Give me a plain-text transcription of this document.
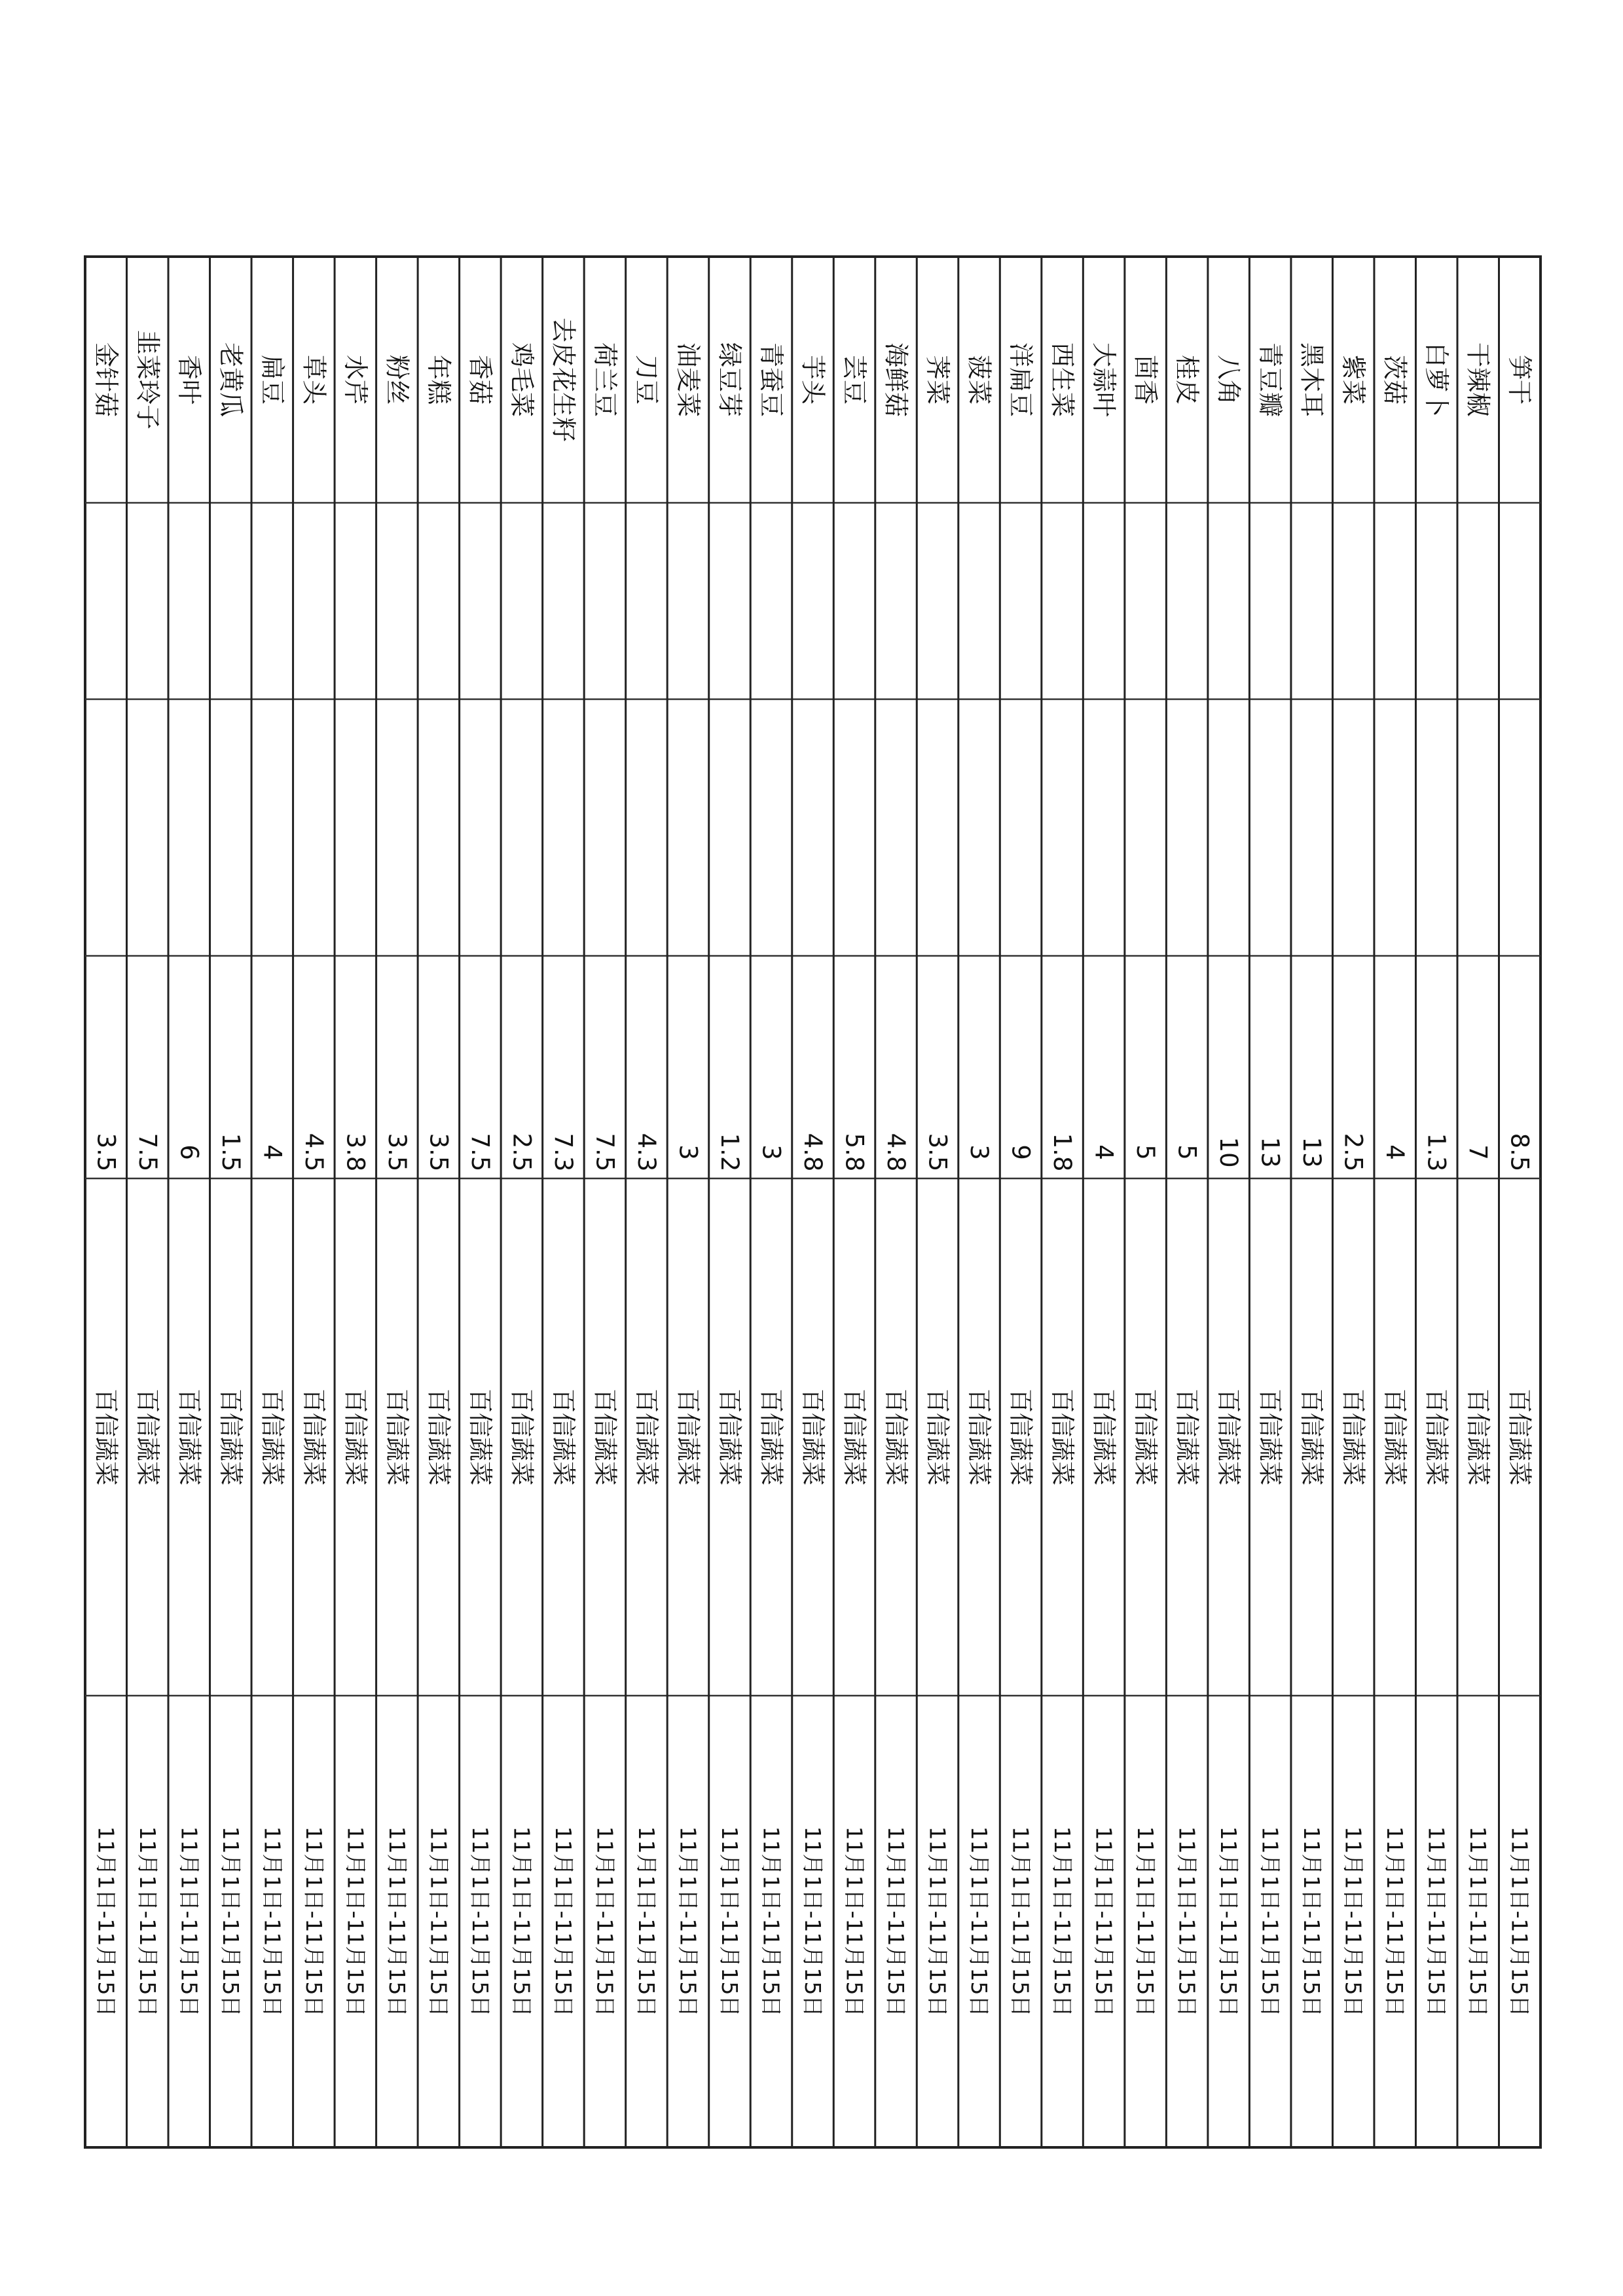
笋干
8.5
百信蔬菜
11月1日-11月15日
干辣椒
7
百信蔬菜
11月1日-11月15日
白萝卜
1.3
百信蔬菜
11月1日-11月15日
茨菇
4
百信蔬菜
11月1日-11月15日
紫菜
2.5
百信蔬菜
11月1日-11月15日
黑木耳
13
百信蔬菜
11月1日-11月15日
青豆瓣
13
百信蔬菜
11月1日-11月15日
八角
10
百信蔬菜
11月1日-11月15日
桂皮
5
百信蔬菜
11月1日-11月15日
茴香
5
百信蔬菜
11月1日-11月15日
大蒜叶
4
百信蔬菜
11月1日-11月15日
西生菜
1.8
百信蔬菜
11月1日-11月15日
洋扁豆
9
百信蔬菜
11月1日-11月15日
菠菜
3
百信蔬菜
11月1日-11月15日
荠菜
3.5
百信蔬菜
11月1日-11月15日
海鲜菇
4.8
百信蔬菜
11月1日-11月15日
芸豆
5.8
百信蔬菜
11月1日-11月15日
芋头
4.8
百信蔬菜
11月1日-11月15日
青蚕豆
3
百信蔬菜
11月1日-11月15日
绿豆芽
1.2
百信蔬菜
11月1日-11月15日
油麦菜
3
百信蔬菜
11月1日-11月15日
刀豆
4.3
百信蔬菜
11月1日-11月15日
荷兰豆
7.5
百信蔬菜
11月1日-11月15日
去皮花生籽
7.3
百信蔬菜
11月1日-11月15日
鸡毛菜
2.5
百信蔬菜
11月1日-11月15日
香菇
7.5
百信蔬菜
11月1日-11月15日
年糕
3.5
百信蔬菜
11月1日-11月15日
粉丝
3.5
百信蔬菜
11月1日-11月15日
水芹
3.8
百信蔬菜
11月1日-11月15日
草头
4.5
百信蔬菜
11月1日-11月15日
扁豆
4
百信蔬菜
11月1日-11月15日
老黄瓜
1.5
百信蔬菜
11月1日-11月15日
香叶
6
百信蔬菜
11月1日-11月15日
韭菜玲子
7.5
百信蔬菜
11月1日-11月15日
金针菇
3.5
百信蔬菜
11月1日-11月15日
